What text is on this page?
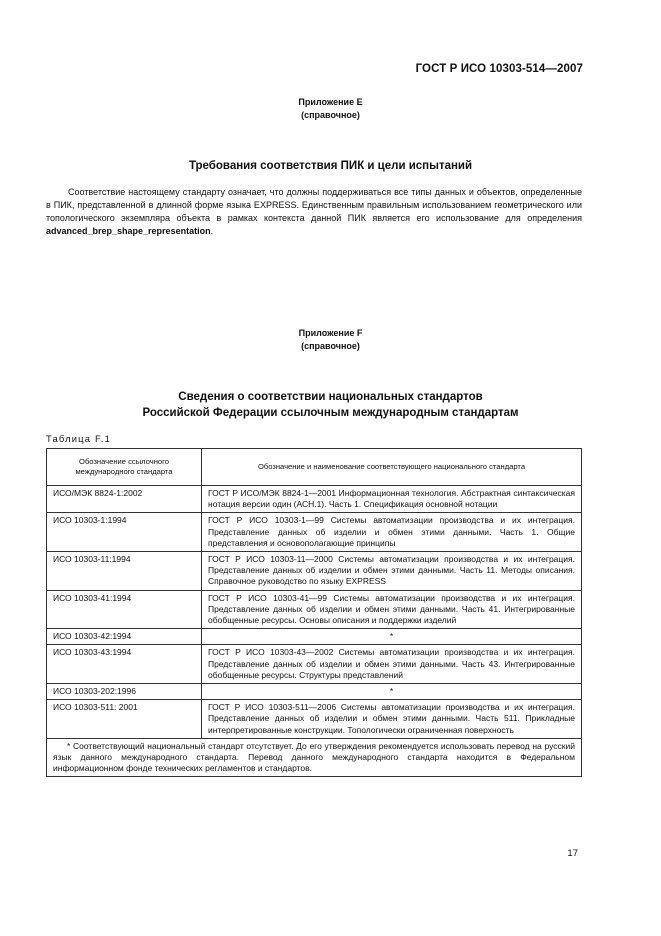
ГОСТ Р ИСО 10303-514—2007
Приложение E
(справочное)
Требования соответствия ПИК и цели испытаний
Соответствие настоящему стандарту означает, что должны поддерживаться все типы данных и объектов, определенные в ПИК, представленной в длинной форме языка EXPRESS. Единственным правильным использованием геометрического или топологического экземпляра объекта в рамках контекста данной ПИК является его использование для определения advanced_brep_shape_representation.
Приложение F
(справочное)
Сведения о соответствии национальных стандартов
Российской Федерации ссылочным международным стандартам
Таблица F.1
Обозначение ссылочного международного стандарта	Обозначение и наименование соответствующего национального стандарта
ИСО/МЭК 8824-1:2002	ГОСТ Р ИСО/МЭК 8824-1—2001 Информационная технология. Абстрактная синтаксическая нотация версии один (АСН.1). Часть 1. Спецификация основной нотации
ИСО 10303-1:1994	ГОСТ Р ИСО 10303-1—99 Системы автоматизации производства и их интеграция. Представление данных об изделии и обмен этими данными. Часть 1. Общие представления и основополагающие принципы
ИСО 10303-11:1994	ГОСТ Р ИСО 10303-11—2000 Системы автоматизации производства и их интеграция. Представление данных об изделии и обмен этими данными. Часть 11. Методы описания. Справочное руководство по языку EXPRESS
ИСО 10303-41:1994	ГОСТ Р ИСО 10303-41—99 Системы автоматизации производства и их интеграция. Представление данных об изделии и обмен этими данными. Часть 41. Интегрированные обобщенные ресурсы. Основы описания и поддержки изделий
ИСО 10303-42:1994	*
ИСО 10303-43:1994	ГОСТ Р ИСО 10303-43—2002 Системы автоматизации производства и их интеграция. Представление данных об изделии и обмен этими данными. Часть 43. Интегрированные обобщенные ресурсы. Структуры представлений
ИСО 10303-202:1996	*
ИСО 10303-511: 2001	ГОСТ Р ИСО 10303-511—2006 Системы автоматизации производства и их интеграция. Представление данных об изделии и обмен этими данными. Часть 511. Прикладные интерпретированные конструкции. Топологически ограниченная поверхность
* Соответствующий национальный стандарт отсутствует. До его утверждения рекомендуется использовать перевод на русский язык данного международного стандарта. Перевод данного международного стандарта находится в Федеральном информационном фонде технических регламентов и стандартов.	
17
